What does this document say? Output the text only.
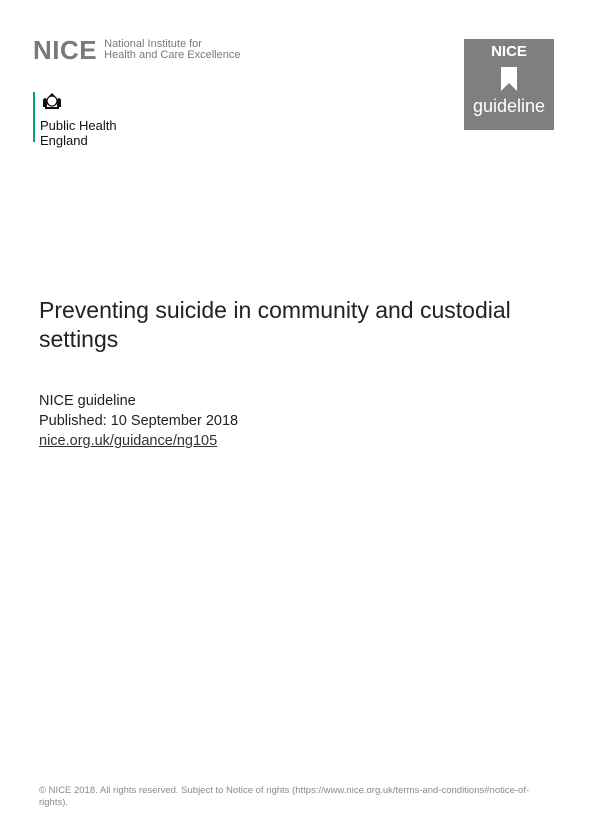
NICE National Institute for
Health and Care Excellence
Public Health
England
NICE
guideline
Preventing suicide in community and custodial settings
NICE guideline
Published: 10 September 2018
nice.org.uk/guidance/ng105
© NICE 2018. All rights reserved. Subject to Notice of rights (https://www.nice.org.uk/terms-and-conditions#notice-of-rights).
